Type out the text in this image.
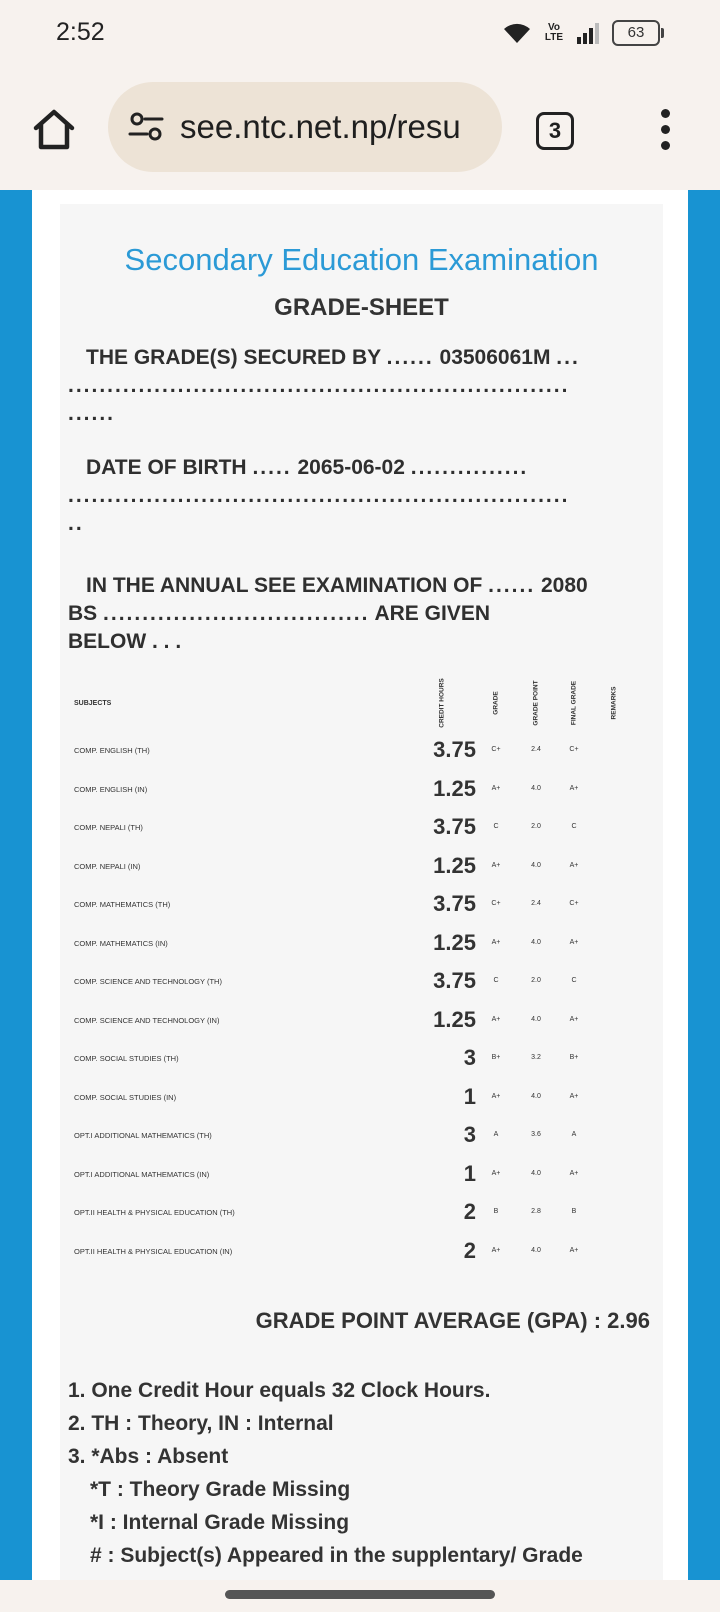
2:52	Vo LTE	63
see.ntc.net.np/resu	3
Secondary Education Examination
GRADE-SHEET
THE GRADE(S) SECURED BY ...... 03506061M ...
................................................................
......
DATE OF BIRTH ..... 2065-06-02 ...............
................................................................
..
IN THE ANNUAL SEE EXAMINATION OF ...... 2080
BS .................................. ARE GIVEN
BELOW . . .
SUBJECTS	CREDIT HOURS	GRADE	GRADE POINT	FINAL GRADE	REMARKS
COMP. ENGLISH (TH)	3.75	C+	2.4	C+
COMP. ENGLISH (IN)	1.25	A+	4.0	A+
COMP. NEPALI (TH)	3.75	C	2.0	C
COMP. NEPALI (IN)	1.25	A+	4.0	A+
COMP. MATHEMATICS (TH)	3.75	C+	2.4	C+
COMP. MATHEMATICS (IN)	1.25	A+	4.0	A+
COMP. SCIENCE AND TECHNOLOGY (TH)	3.75	C	2.0	C
COMP. SCIENCE AND TECHNOLOGY (IN)	1.25	A+	4.0	A+
COMP. SOCIAL STUDIES (TH)	3	B+	3.2	B+
COMP. SOCIAL STUDIES (IN)	1	A+	4.0	A+
OPT.I ADDITIONAL MATHEMATICS (TH)	3	A	3.6	A
OPT.I ADDITIONAL MATHEMATICS (IN)	1	A+	4.0	A+
OPT.II HEALTH & PHYSICAL EDUCATION (TH)	2	B	2.8	B
OPT.II HEALTH & PHYSICAL EDUCATION (IN)	2	A+	4.0	A+
GRADE POINT AVERAGE (GPA) : 2.96
1. One Credit Hour equals 32 Clock Hours.
2. TH : Theory, IN : Internal
3. *Abs : Absent
*T : Theory Grade Missing
*I : Internal Grade Missing
# : Subject(s) Appeared in the supplentary/ Grade
